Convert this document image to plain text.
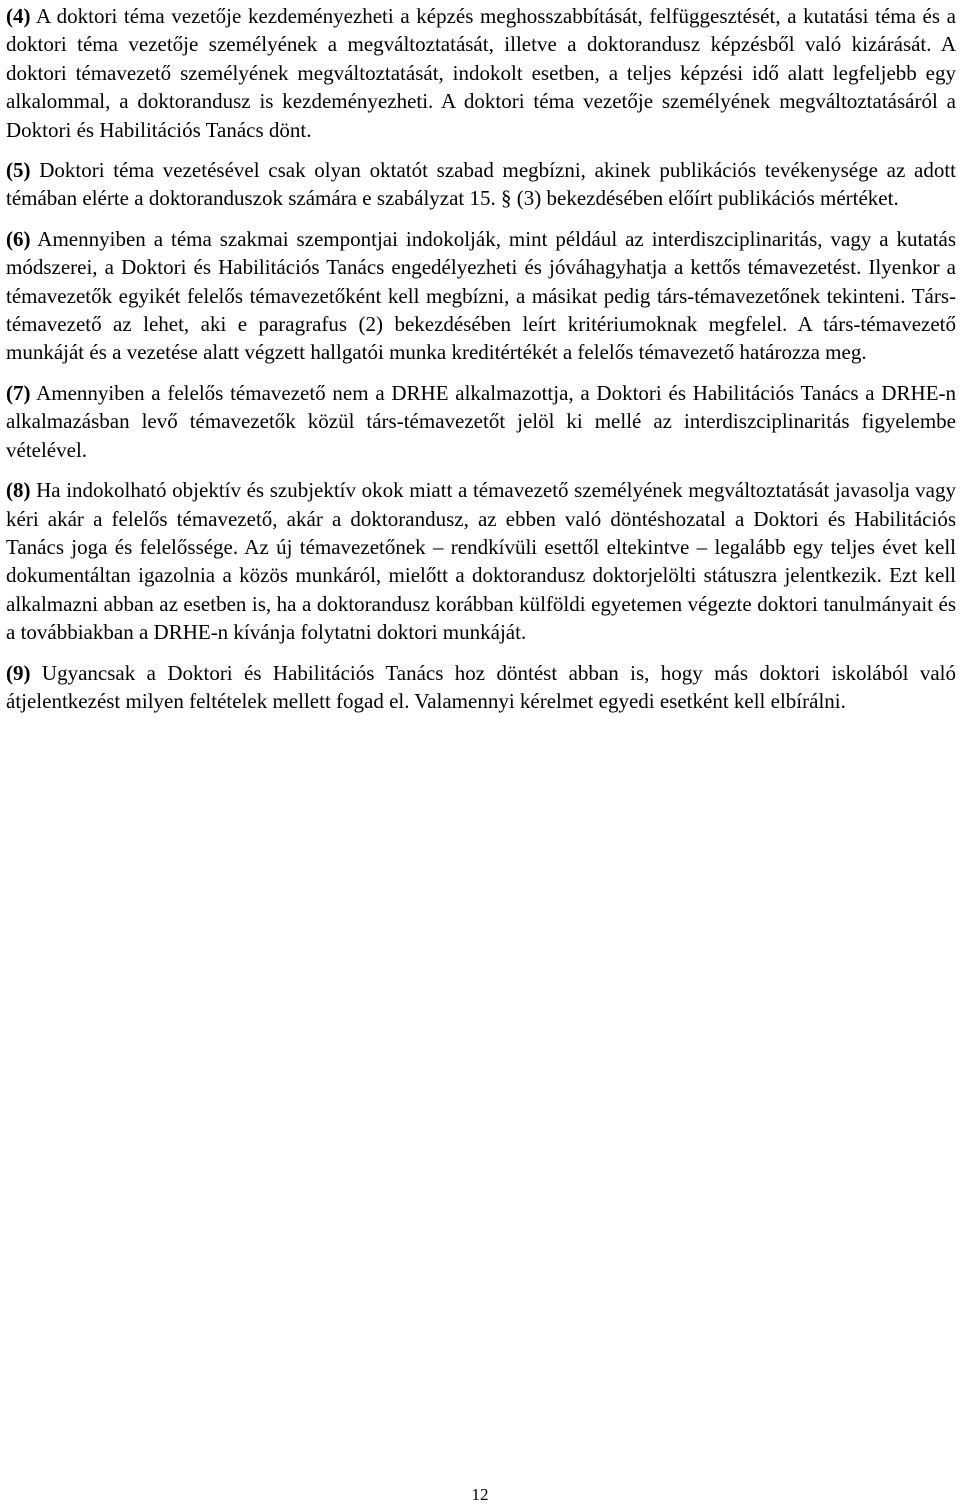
(4) A doktori téma vezetője kezdeményezheti a képzés meghosszabbítását, felfüggesztését, a kutatási téma és a doktori téma vezetője személyének a megváltoztatását, illetve a doktorandusz képzésből való kizárását. A doktori témavezető személyének megváltoztatását, indokolt esetben, a teljes képzési idő alatt legfeljebb egy alkalommal, a doktorandusz is kezdeményezheti. A doktori téma vezetője személyének megváltoztatásáról a Doktori és Habilitációs Tanács dönt.

(5) Doktori téma vezetésével csak olyan oktatót szabad megbízni, akinek publikációs tevékenysége az adott témában elérte a doktoranduszok számára e szabályzat 15. § (3) bekezdésében előírt publikációs mértéket.

(6) Amennyiben a téma szakmai szempontjai indokolják, mint például az interdiszciplinaritás, vagy a kutatás módszerei, a Doktori és Habilitációs Tanács engedélyezheti és jóváhagyhatja a kettős témavezetést. Ilyenkor a témavezetők egyikét felelős témavezetőként kell megbízni, a másikat pedig társ-témavezetőnek tekinteni. Társ-témavezető az lehet, aki e paragrafus (2) bekezdésében leírt kritériumoknak megfelel. A társ-témavezető munkáját és a vezetése alatt végzett hallgatói munka kreditértékét a felelős témavezető határozza meg.

(7) Amennyiben a felelős témavezető nem a DRHE alkalmazottja, a Doktori és Habilitációs Tanács a DRHE-n alkalmazásban levő témavezetők közül társ-témavezetőt jelöl ki mellé az interdiszciplinaritás figyelembe vételével.

(8) Ha indokolható objektív és szubjektív okok miatt a témavezető személyének megváltoztatását javasolja vagy kéri akár a felelős témavezető, akár a doktorandusz, az ebben való döntéshozatal a Doktori és Habilitációs Tanács joga és felelőssége. Az új témavezetőnek – rendkívüli esettől eltekintve – legalább egy teljes évet kell dokumentáltan igazolnia a közös munkáról, mielőtt a doktorandusz doktorjelölti státuszra jelentkezik. Ezt kell alkalmazni abban az esetben is, ha a doktorandusz korábban külföldi egyetemen végezte doktori tanulmányait és a továbbiakban a DRHE-n kívánja folytatni doktori munkáját.

(9) Ugyancsak a Doktori és Habilitációs Tanács hoz döntést abban is, hogy más doktori iskolából való átjelentkezést milyen feltételek mellett fogad el. Valamennyi kérelmet egyedi esetként kell elbírálni.

12
